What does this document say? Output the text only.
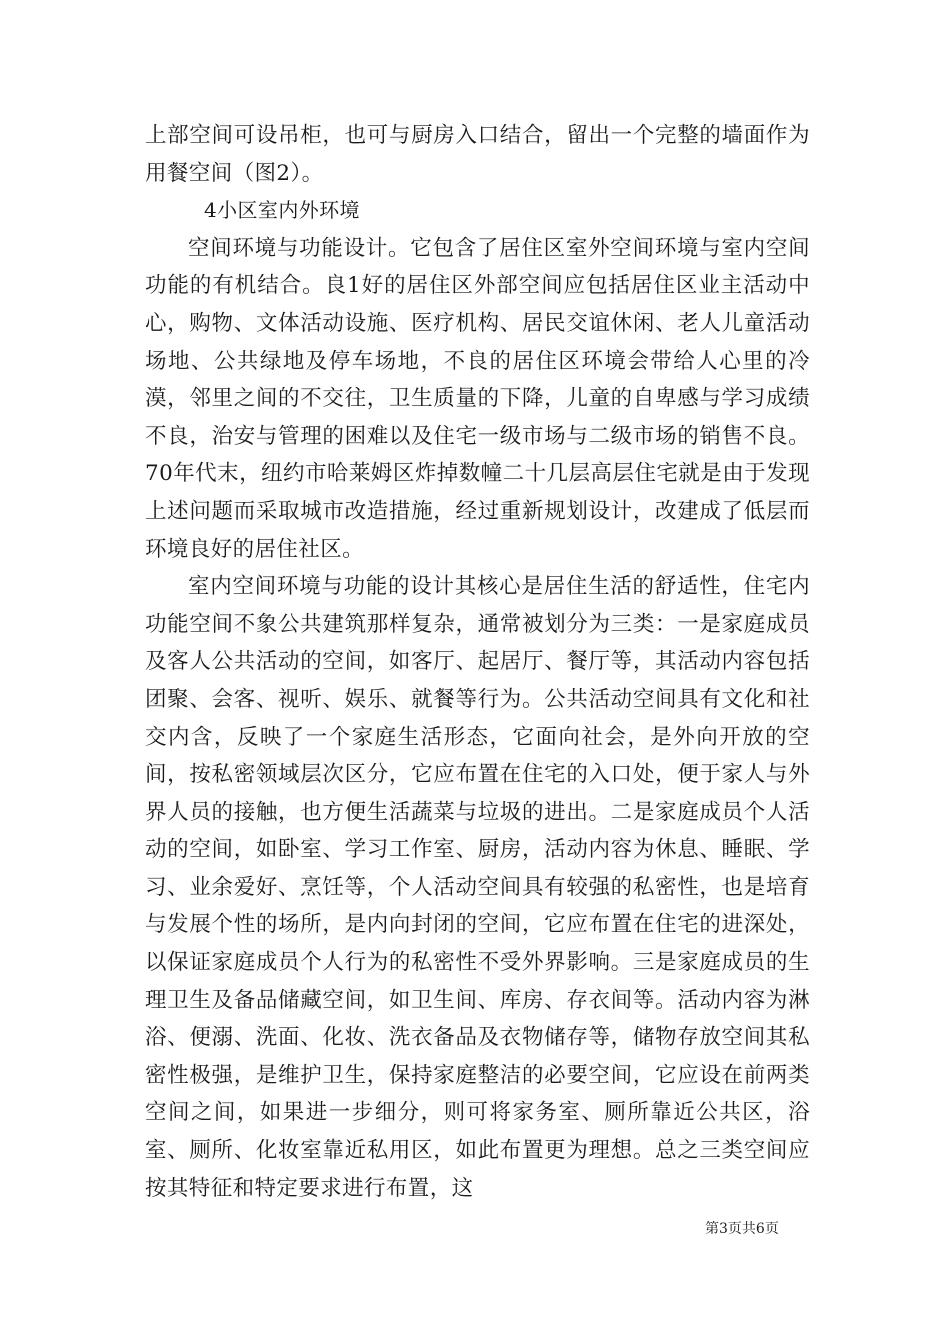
上部空间可设吊柜，也可与厨房入口结合，留出一个完整的墙面作为用餐空间（图2）。

4小区室内外环境

空间环境与功能设计。它包含了居住区室外空间环境与室内空间功能的有机结合。良1好的居住区外部空间应包括居住区业主活动中心，购物、文体活动设施、医疗机构、居民交谊休闲、老人儿童活动场地、公共绿地及停车场地，不良的居住区环境会带给人心里的冷漠，邻里之间的不交往，卫生质量的下降，儿童的自卑感与学习成绩不良，治安与管理的困难以及住宅一级市场与二级市场的销售不良。70年代末，纽约市哈莱姆区炸掉数幢二十几层高层住宅就是由于发现上述问题而采取城市改造措施，经过重新规划设计，改建成了低层而环境良好的居住社区。

室内空间环境与功能的设计其核心是居住生活的舒适性，住宅内功能空间不象公共建筑那样复杂，通常被划分为三类：一是家庭成员及客人公共活动的空间，如客厅、起居厅、餐厅等，其活动内容包括团聚、会客、视听、娱乐、就餐等行为。公共活动空间具有文化和社交内含，反映了一个家庭生活形态，它面向社会，是外向开放的空间，按私密领域层次区分，它应布置在住宅的入口处，便于家人与外界人员的接触，也方便生活蔬菜与垃圾的进出。二是家庭成员个人活动的空间，如卧室、学习工作室、厨房，活动内容为休息、睡眠、学习、业余爱好、烹饪等，个人活动空间具有较强的私密性，也是培育与发展个性的场所，是内向封闭的空间，它应布置在住宅的进深处，以保证家庭成员个人行为的私密性不受外界影响。三是家庭成员的生理卫生及备品储藏空间，如卫生间、库房、存衣间等。活动内容为淋浴、便溺、洗面、化妆、洗衣备品及衣物储存等，储物存放空间其私密性极强，是维护卫生，保持家庭整洁的必要空间，它应设在前两类空间之间，如果进一步细分，则可将家务室、厕所靠近公共区，浴室、厕所、化妆室靠近私用区，如此布置更为理想。总之三类空间应按其特征和特定要求进行布置，这

第3页共6页
